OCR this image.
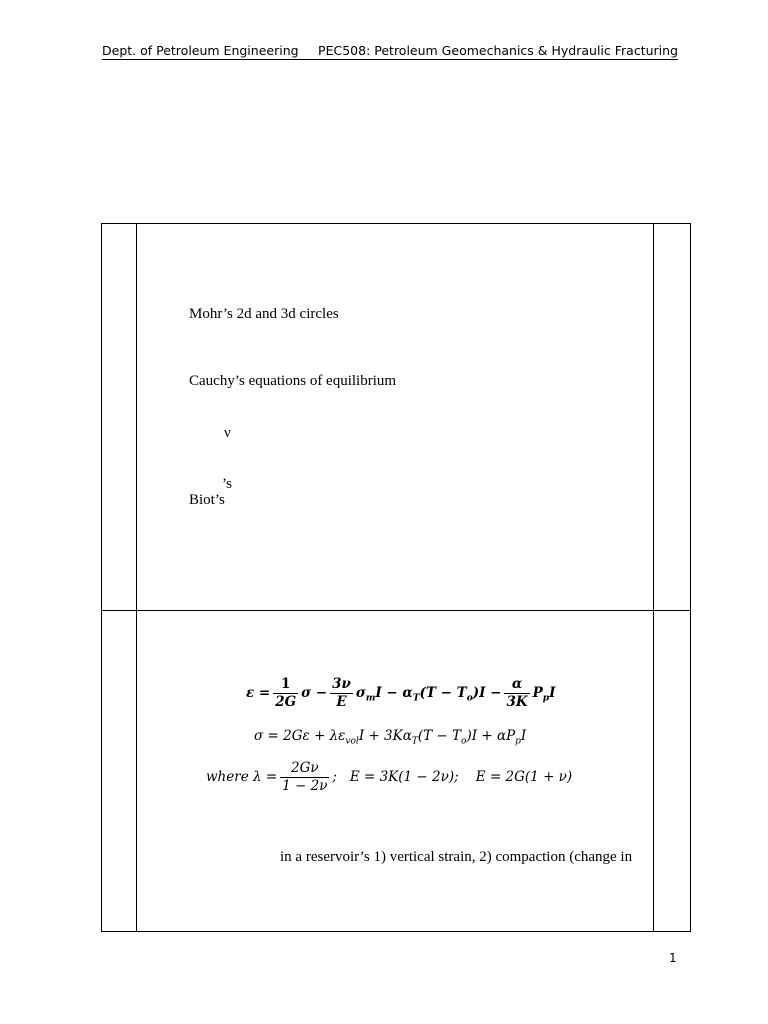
Dept. of Petroleum Engineering PEC508: Petroleum Geomechanics & Hydraulic Fracturing
Mohr’s 2d and 3d circles
Cauchy’s equations of equilibrium
ν
’s
Biot’s
$\varepsilon = \frac{1}{2G}$ $\sigma - \frac{3\nu}{E} \sigma_mI - \alpha_T(T - T_o)I - \frac{\alpha}{3K} P_pI$
$\sigma = 2G\varepsilon + \lambda\varepsilon_{vol}I + 3K\alpha_T(T - T_o)I + \alpha P_pI$
where $\lambda = \frac{2G\nu}{1 - 2\nu}$ ;   E = 3K(1 − 2ν);    E = 2G(1 + ν)
in a reservoir’s 1) vertical strain, 2) compaction (change in
1
